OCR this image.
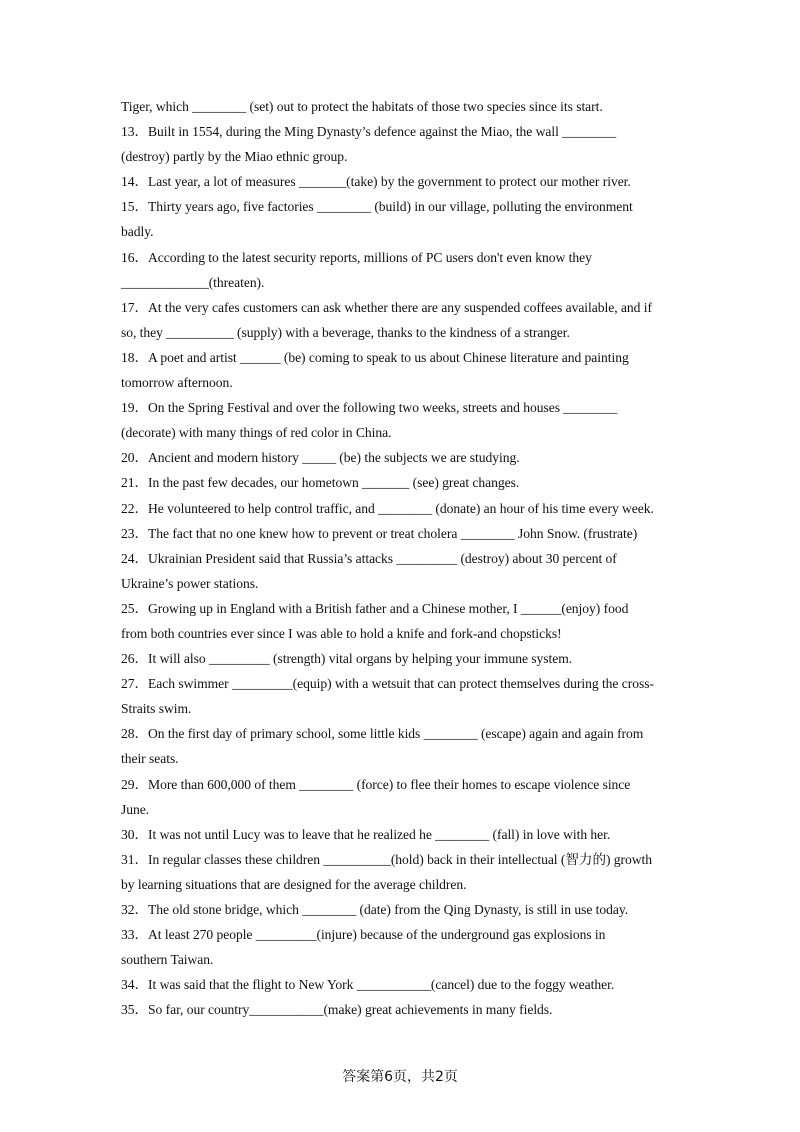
Tiger, which ________ (set) out to protect the habitats of those two species since its start.
13．Built in 1554, during the Ming Dynasty’s defence against the Miao, the wall ________
(destroy) partly by the Miao ethnic group.
14．Last year, a lot of measures _______(take) by the government to protect our mother river.
15．Thirty years ago, five factories ________ (build) in our village, polluting the environment
badly.
16．According to the latest security reports, millions of PC users don't even know they
_____________(threaten).
17．At the very cafes customers can ask whether there are any suspended coffees available, and if
so, they __________ (supply) with a beverage, thanks to the kindness of a stranger.
18．A poet and artist ______ (be) coming to speak to us about Chinese literature and painting
tomorrow afternoon.
19．On the Spring Festival and over the following two weeks, streets and houses ________
(decorate) with many things of red color in China.
20．Ancient and modern history _____ (be) the subjects we are studying.
21．In the past few decades, our hometown _______ (see) great changes.
22．He volunteered to help control traffic, and ________ (donate) an hour of his time every week.
23．The fact that no one knew how to prevent or treat cholera ________ John Snow. (frustrate)
24．Ukrainian President said that Russia’s attacks _________ (destroy) about 30 percent of
Ukraine’s power stations.
25．Growing up in England with a British father and a Chinese mother, I ______(enjoy) food
from both countries ever since I was able to hold a knife and fork-and chopsticks!
26．It will also _________ (strength) vital organs by helping your immune system.
27．Each swimmer _________(equip) with a wetsuit that can protect themselves during the cross-
Straits swim.
28．On the first day of primary school, some little kids ________ (escape) again and again from
their seats.
29．More than 600,000 of them ________ (force) to flee their homes to escape violence since
June.
30．It was not until Lucy was to leave that he realized he ________ (fall) in love with her.
31．In regular classes these children __________(hold) back in their intellectual (智力的) growth
by learning situations that are designed for the average children.
32．The old stone bridge, which ________ (date) from the Qing Dynasty, is still in use today.
33．At least 270 people _________(injure) because of the underground gas explosions in
southern Taiwan.
34．It was said that the flight to New York ___________(cancel) due to the foggy weather.
35．So far, our country___________(make) great achievements in many fields.
答案第6页，共2页
